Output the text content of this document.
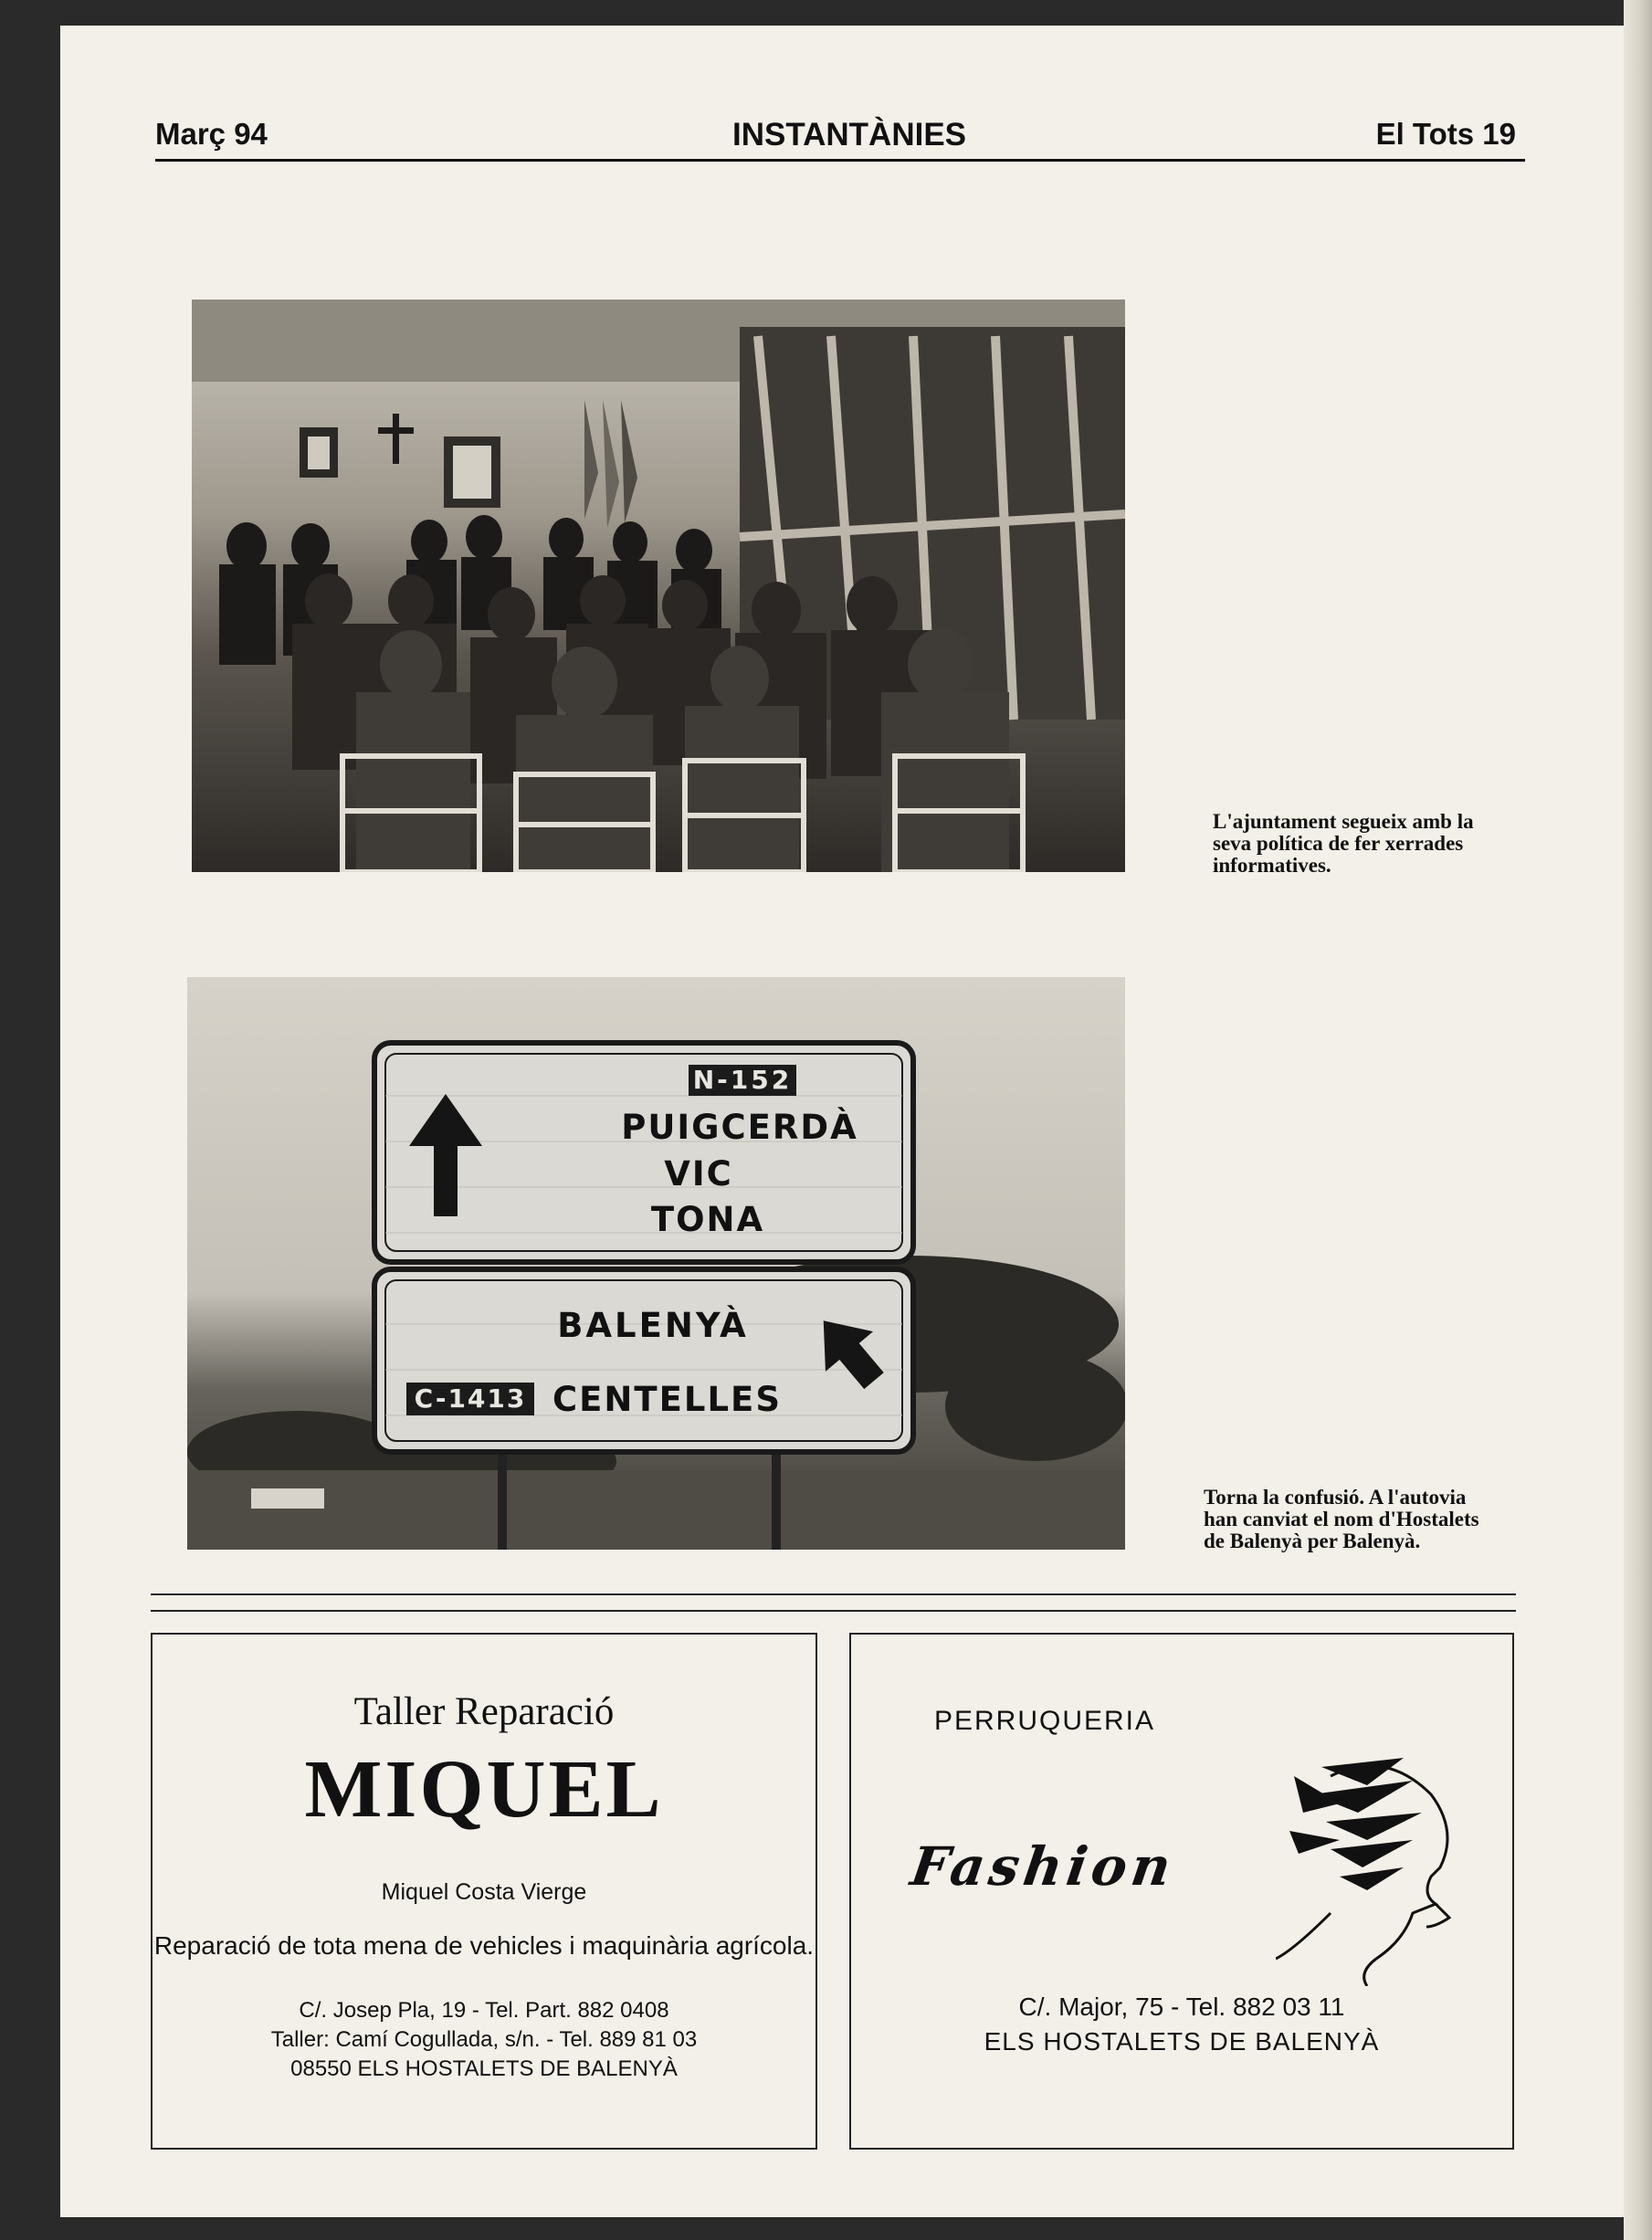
Març 94	INSTANTÀNIES	El Tots 19
L'ajuntament segueix amb la
seva política de fer xerrades
informatives.
N-152
PUIGCERDÀ
VIC
TONA
BALENYÀ
C-1413 CENTELLES
Torna la confusió. A l'autovia
han canviat el nom d'Hostalets
de Balenyà per Balenyà.
Taller Reparació
MIQUEL
Miquel Costa Vierge
Reparació de tota mena de vehicles i maquinària agrícola.
C/. Josep Pla, 19 - Tel. Part. 882 0408
Taller: Camí Cogullada, s/n. - Tel. 889 81 03
08550 ELS HOSTALETS DE BALENYÀ
PERRUQUERIA
Fashion
C/. Major, 75 - Tel. 882 03 11
ELS HOSTALETS DE BALENYÀ
